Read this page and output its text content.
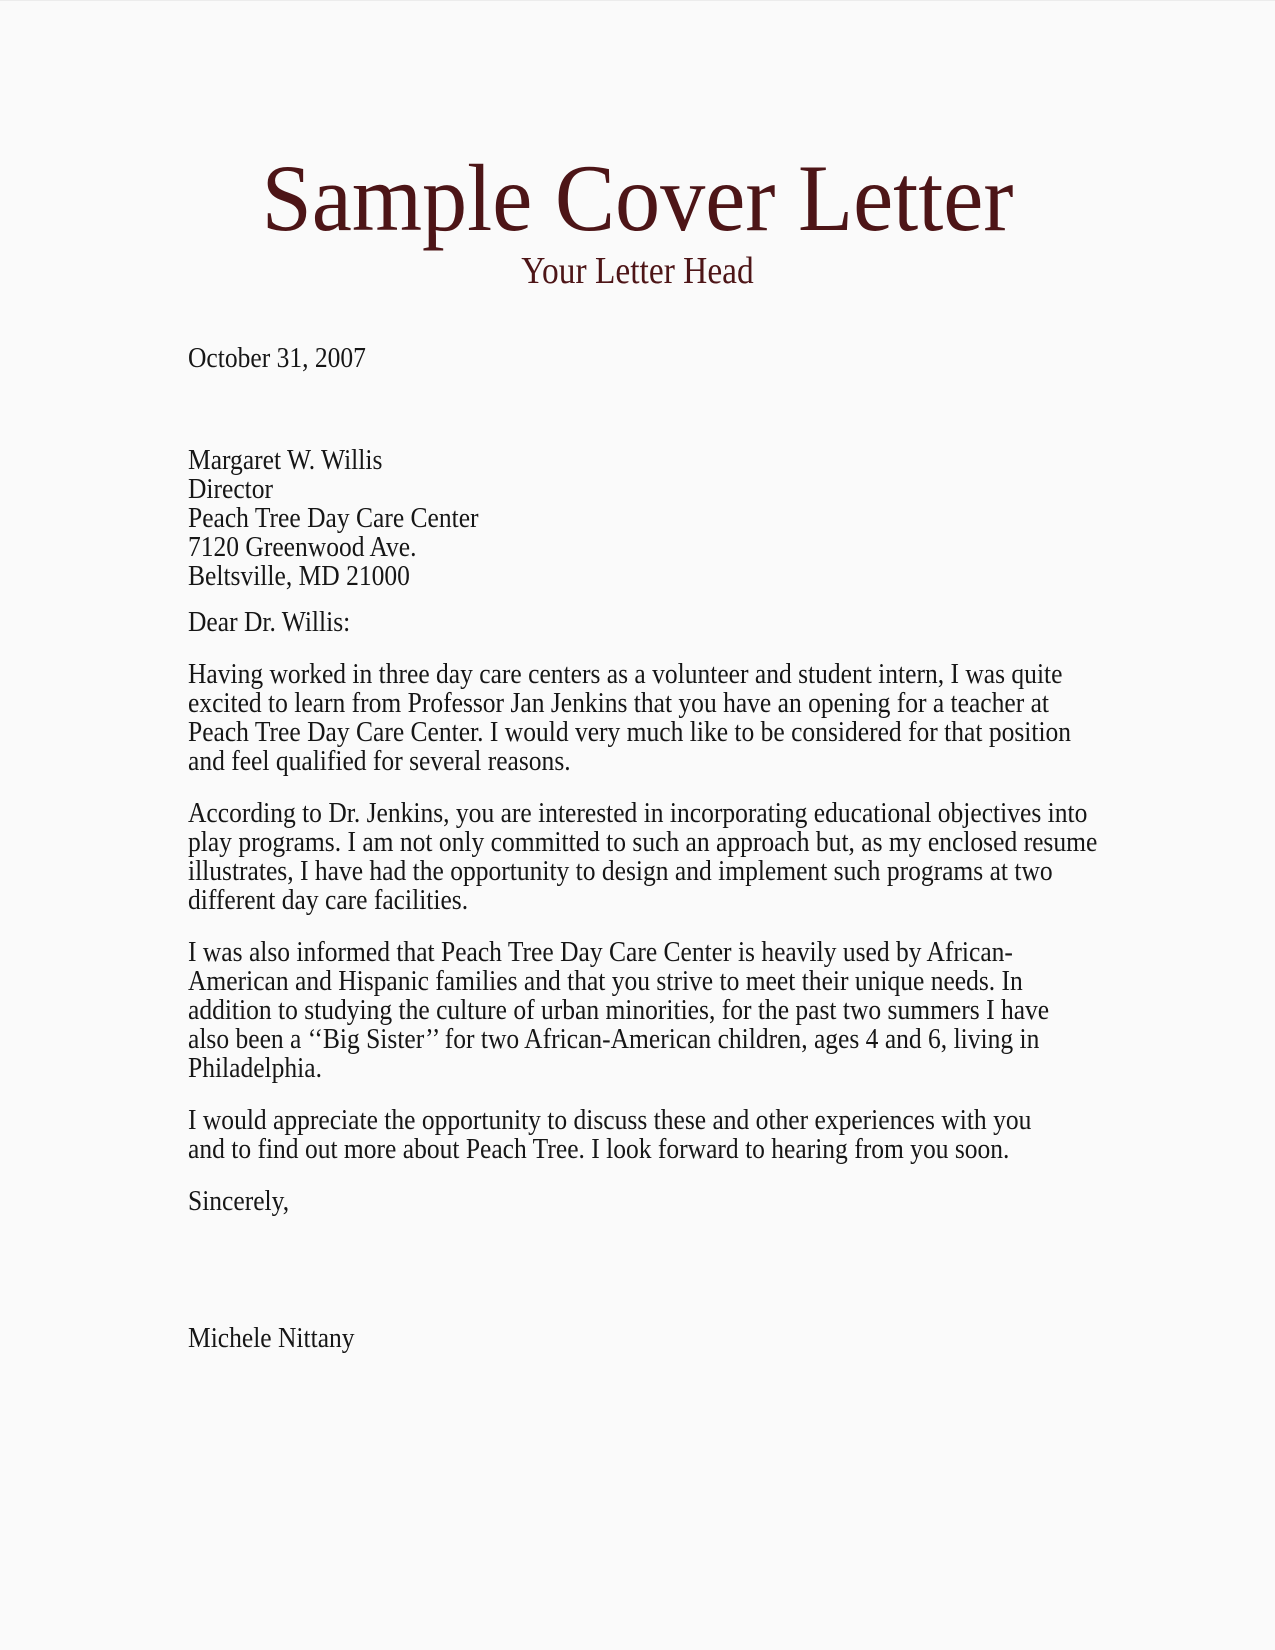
Sample Cover Letter
Your Letter Head
October 31, 2007
Margaret W. Willis
Director
Peach Tree Day Care Center
7120 Greenwood Ave.
Beltsville, MD 21000
Dear Dr. Willis:

Having worked in three day care centers as a volunteer and student intern, I was quite
excited to learn from Professor Jan Jenkins that you have an opening for a teacher at
Peach Tree Day Care Center. I would very much like to be considered for that position
and feel qualified for several reasons.

According to Dr. Jenkins, you are interested in incorporating educational objectives into
play programs. I am not only committed to such an approach but, as my enclosed resume
illustrates, I have had the opportunity to design and implement such programs at two
different day care facilities.

I was also informed that Peach Tree Day Care Center is heavily used by African-
American and Hispanic families and that you strive to meet their unique needs. In
addition to studying the culture of urban minorities, for the past two summers I have
also been a ‘‘Big Sister’’ for two African-American children, ages 4 and 6, living in
Philadelphia.

I would appreciate the opportunity to discuss these and other experiences with you
and to find out more about Peach Tree. I look forward to hearing from you soon.

Sincerely,
Michele Nittany
